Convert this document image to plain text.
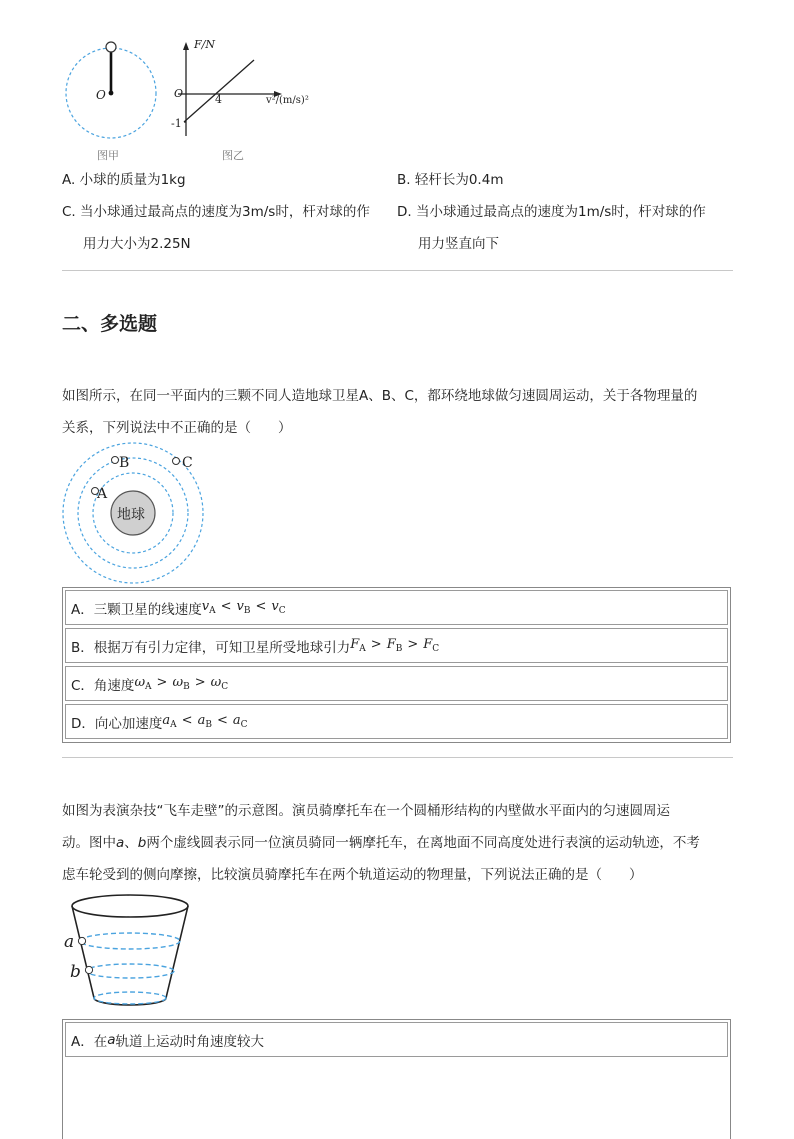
O
图甲
F/N
O	4	v²/(m/s)²
-1
图乙
A. 小球的质量为1kg	B. 轻杆长为0.4m
C. 当小球通过最高点的速度为3m/s时，杆对球的作
用力大小为2.25N
D. 当小球通过最高点的速度为1m/s时，杆对球的作
用力竖直向下
二、多选题
如图所示，在同一平面内的三颗不同人造地球卫星A、B、C，都环绕地球做匀速圆周运动，关于各物理量的
关系，下列说法中不正确的是（　　）
地球
A
B	C
A．三颗卫星的线速度 $v_A < v_B < v_C$
B．根据万有引力定律，可知卫星所受地球引力 $F_A > F_B > F_C$
C．角速度 $\omega_A > \omega_B > \omega_C$
D．向心加速度 $a_A < a_B < a_C$
如图为表演杂技“飞车走壁”的示意图。演员骑摩托车在一个圆桶形结构的内壁做水平面内的匀速圆周运
动。图中a、b两个虚线圆表示同一位演员骑同一辆摩托车，在离地面不同高度处进行表演的运动轨迹，不考
虑车轮受到的侧向摩擦，比较演员骑摩托车在两个轨道运动的物理量，下列说法正确的是（　　）
a
b
A．在 a 轨道上运动时角速度较大
